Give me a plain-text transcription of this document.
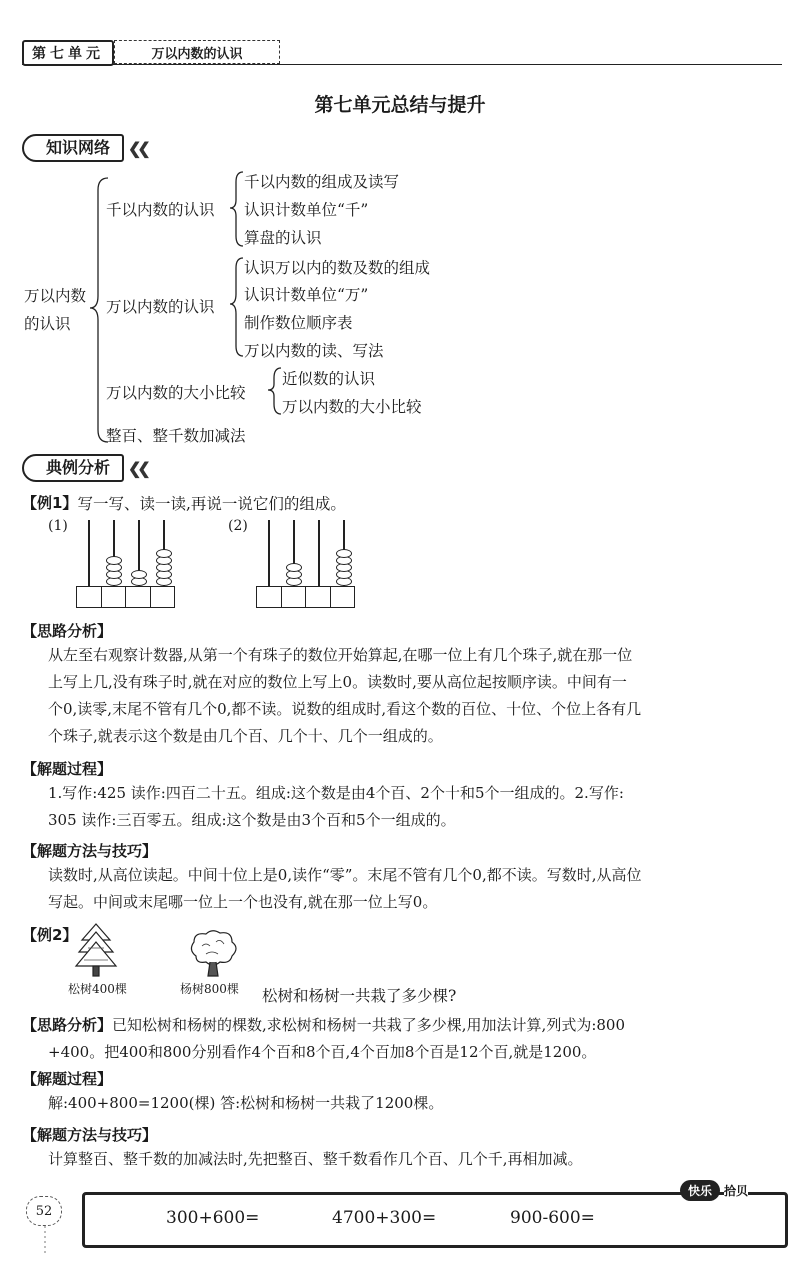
第七单元	万以内数的认识
第七单元总结与提升
知识网络	❮❮
万以内数
的认识
千以内数的认识
千以内数的组成及读写
认识计数单位“千”
算盘的认识
万以内数的认识
认识万以内的数及数的组成
认识计数单位“万”
制作数位顺序表
万以内数的读、写法
万以内数的大小比较
近似数的认识
万以内数的大小比较
整百、整千数加减法
典例分析	❮❮
【例1】 写一写、读一读,再说一说它们的组成。
(1)	(2)
【思路分析】
从左至右观察计数器,从第一个有珠子的数位开始算起,在哪一位上有几个珠子,就在那一位
上写上几,没有珠子时,就在对应的数位上写上0。读数时,要从高位起按顺序读。中间有一
个0,读零,末尾不管有几个0,都不读。说数的组成时,看这个数的百位、十位、个位上各有几
个珠子,就表示这个数是由几个百、几个十、几个一组成的。
【解题过程】
1.写作:425 读作:四百二十五。组成:这个数是由4个百、2个十和5个一组成的。2.写作:
305 读作:三百零五。组成:这个数是由3个百和5个一组成的。
【解题方法与技巧】
读数时,从高位读起。中间十位上是0,读作“零”。末尾不管有几个0,都不读。写数时,从高位
写起。中间或末尾哪一位上一个也没有,就在那一位上写0。
【例2】
松树400棵	杨树800棵 松树和杨树一共栽了多少棵?
【思路分析】已知松树和杨树的棵数,求松树和杨树一共栽了多少棵,用加法计算,列式为:800
+400。把400和800分别看作4个百和8个百,4个百加8个百是12个百,就是1200。
【解题过程】
解:400+800=1200(棵) 答:松树和杨树一共栽了1200棵。
【解题方法与技巧】
计算整百、整千数的加减法时,先把整百、整千数看作几个百、几个千,再相加减。
52
快乐	拾贝
300+600=	4700+300=	900-600=
